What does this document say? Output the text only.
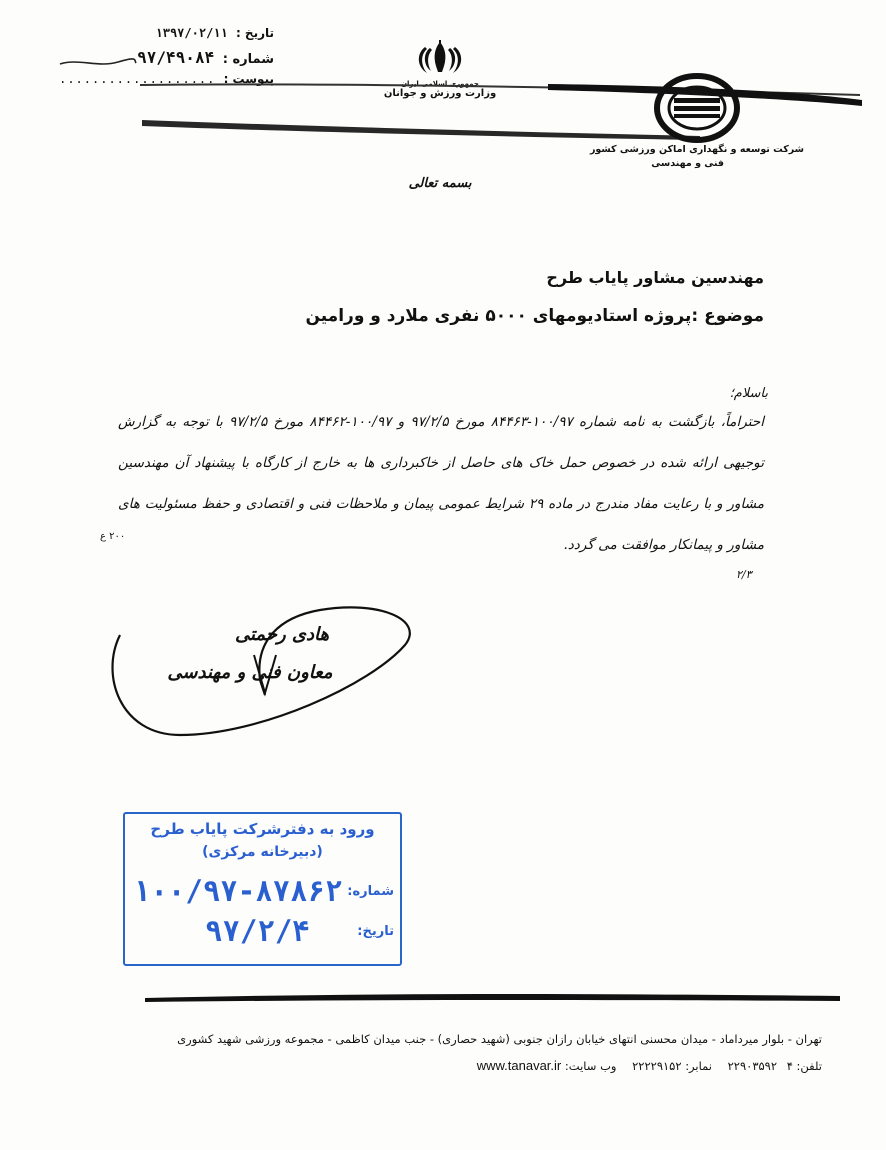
تاریخ : ۱۳۹۷/۰۲/۱۱
شماره : ۹۷/۴۹۰۸۴
پیوست : ...................	جمهوری اسلامی ایران
وزارت ورزش و جوانان
شرکت توسعه و نگهداری اماکن ورزشی کشور
فنی و مهندسی
بسمه تعالی
مهندسین مشاور پایاب طرح
موضوع :پروژه استادیومهای ۵۰۰۰ نفری ملارد و ورامین
باسلام؛
احتراماً، بازگشت به نامه شماره ۱۰۰/۹۷-۸۴۴۶۳ مورخ ۹۷/۲/۵ و ۱۰۰/۹۷-۸۴۴۶۲ مورخ ۹۷/۲/۵ با توجه به گزارش توجیهی ارائه شده در خصوص حمل خاک های حاصل از خاکبرداری ها به خارج از کارگاه با پیشنهاد آن مهندسین مشاور و با رعایت مفاد مندرج در ماده ۲۹ شرایط عمومی پیمان و ملاحظات فنی و اقتصادی و حفظ مسئولیت های مشاور و پیمانکار موافقت می گردد.
۲۰۰ ع
۲/۳
هادی رحمتی
معاون فنی و مهندسی
ورود به دفترشرکت پایاب طرح
(دبیرخانه مرکزی)
شماره:
۱۰۰/۹۷-۸۷۸۶۲
تاریخ:
۹۷/۲/۴
تهران - بلوار میرداماد - میدان محسنی انتهای خیابان رازان جنوبی (شهید حصاری) - جنب میدان کاظمی - مجموعه ورزشی شهید کشوری
تلفن: ۴ ۲۲۹۰۳۵۹۲ نمابر: ۲۲۲۲۹۱۵۲ وب سایت: www.tanavar.ir
